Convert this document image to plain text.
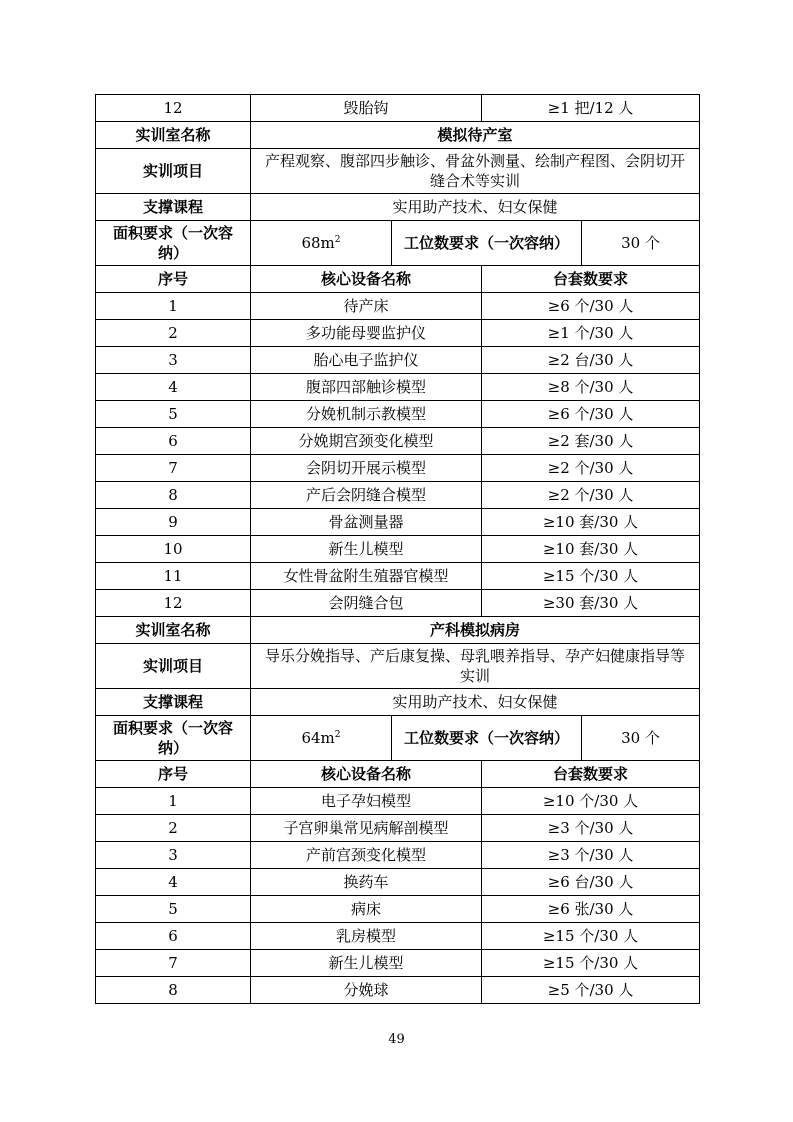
12	毁胎钩		≥1 把/12 人	
实训室名称	模拟待产室			
实训项目	产程观察、腹部四步触诊、骨盆外测量、绘制产程图、会阴切开缝合术等实训			
支撑课程	实用助产技术、妇女保健			
面积要求（一次容纳）	$68m^2$	工位数要求（一次容纳）		30 个
序号	核心设备名称		台套数要求	
1	待产床		≥6 个/30 人	
2	多功能母婴监护仪		≥1 个/30 人	
3	胎心电子监护仪		≥2 台/30 人	
4	腹部四部触诊模型		≥8 个/30 人	
5	分娩机制示教模型		≥6 个/30 人	
6	分娩期宫颈变化模型		≥2 套/30 人	
7	会阴切开展示模型		≥2 个/30 人	
8	产后会阴缝合模型		≥2 个/30 人	
9	骨盆测量器		≥10 套/30 人	
10	新生儿模型		≥10 套/30 人	
11	女性骨盆附生殖器官模型		≥15 个/30 人	
12	会阴缝合包		≥30 套/30 人	
实训室名称	产科模拟病房			
实训项目	导乐分娩指导、产后康复操、母乳喂养指导、孕产妇健康指导等实训			
支撑课程	实用助产技术、妇女保健			
面积要求（一次容纳）	$64m^2$	工位数要求（一次容纳）		30 个
序号	核心设备名称		台套数要求	
1	电子孕妇模型		≥10 个/30 人	
2	子宫卵巢常见病解剖模型		≥3 个/30 人	
3	产前宫颈变化模型		≥3 个/30 人	
4	换药车		≥6 台/30 人	
5	病床		≥6 张/30 人	
6	乳房模型		≥15 个/30 人	
7	新生儿模型		≥15 个/30 人	
8	分娩球		≥5 个/30 人	
49
